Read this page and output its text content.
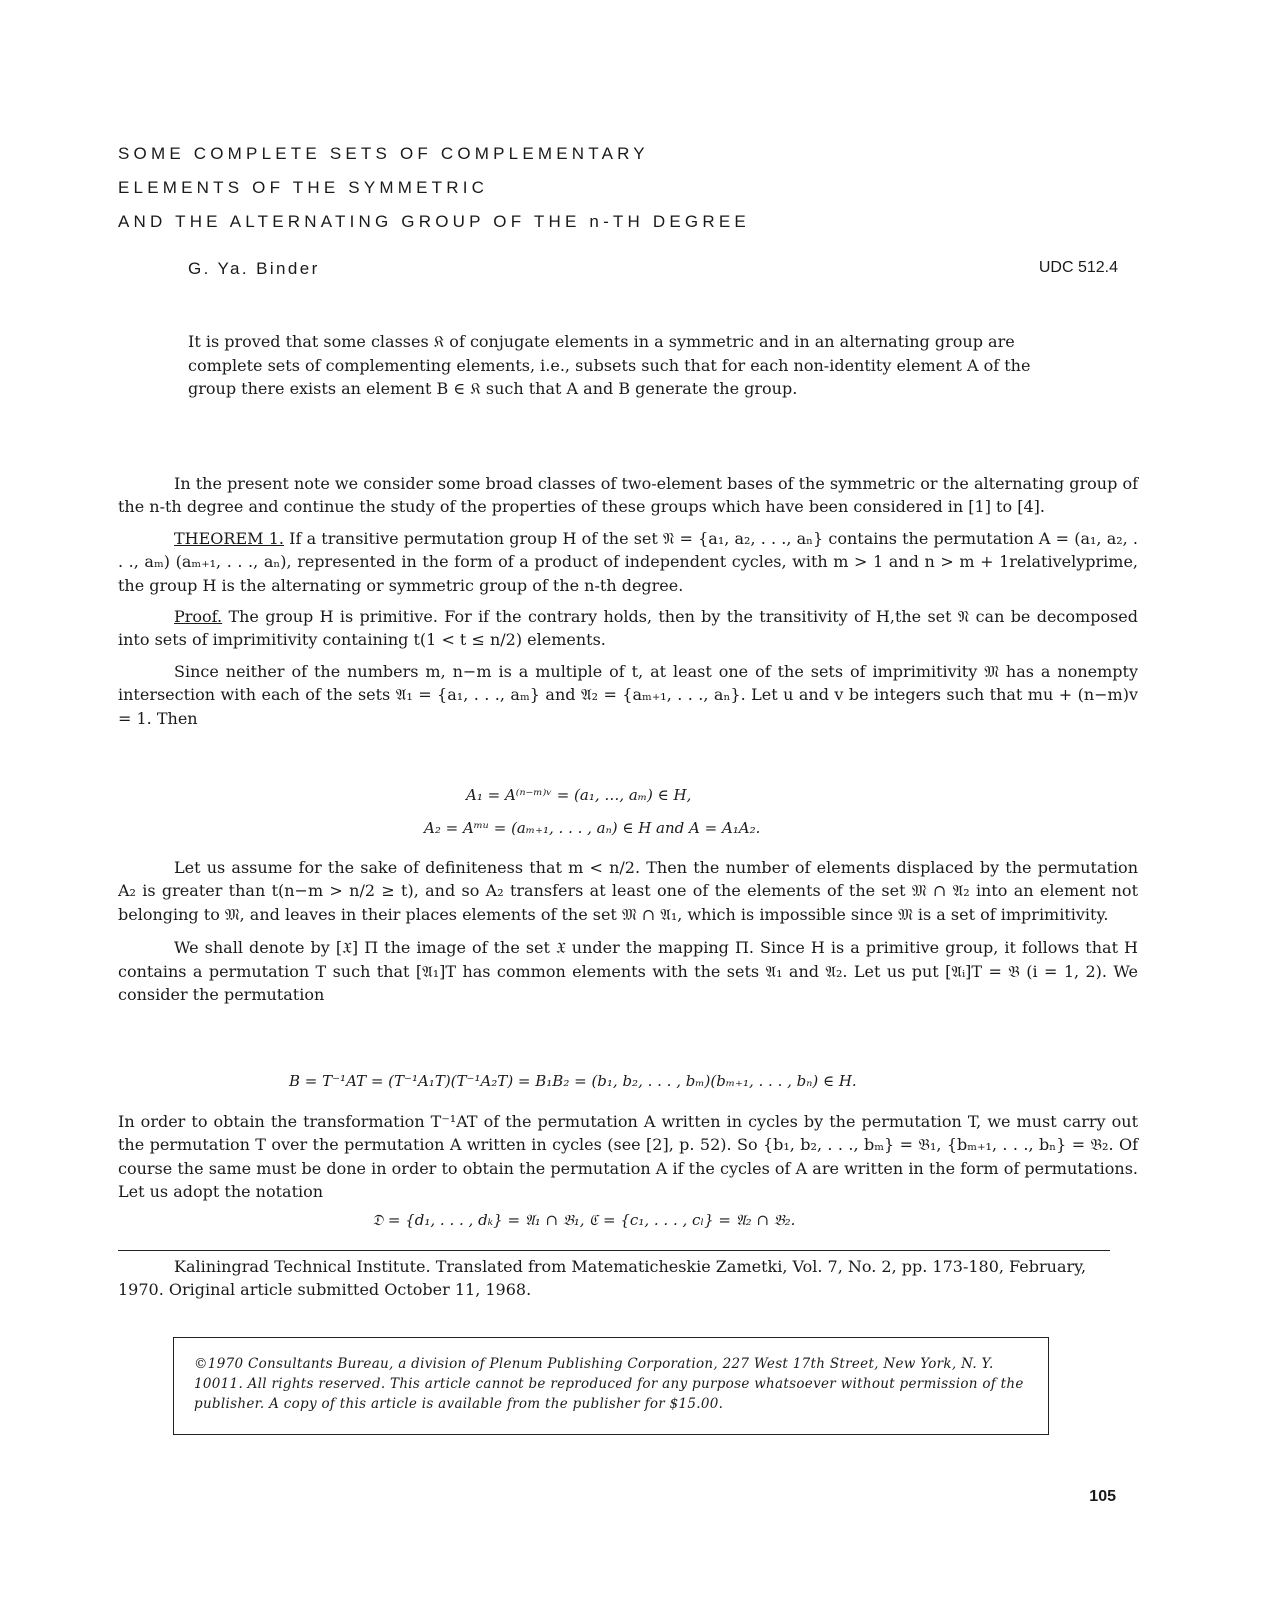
SOME COMPLETE SETS OF COMPLEMENTARY
ELEMENTS OF THE SYMMETRIC
AND THE ALTERNATING GROUP OF THE n-TH DEGREE
G. Ya. Binder	UDC 512.4
It is proved that some classes 𝔎 of conjugate elements in a symmetric and in an alternating group are complete sets of complementing elements, i.e., subsets such that for each non-identity element A of the group there exists an element B ∈ 𝔎 such that A and B generate the group.

In the present note we consider some broad classes of two-element bases of the symmetric or the alternating group of the n-th degree and continue the study of the properties of these groups which have been considered in [1] to [4].

THEOREM 1. If a transitive permutation group H of the set 𝔑 = {a₁, a₂, . . ., aₙ} contains the permutation A = (a₁, a₂, . . ., aₘ) (aₘ₊₁, . . ., aₙ), represented in the form of a product of independent cycles, with m > 1 and n > m + 1relativelyprime, the group H is the alternating or symmetric group of the n-th degree.

Proof. The group H is primitive. For if the contrary holds, then by the transitivity of H,the set 𝔑 can be decomposed into sets of imprimitivity containing t(1 < t ≤ n/2) elements.

Since neither of the numbers m, n−m is a multiple of t, at least one of the sets of imprimitivity 𝔐 has a nonempty intersection with each of the sets 𝔄₁ = {a₁, . . ., aₘ} and 𝔄₂ = {aₘ₊₁, . . ., aₙ}. Let u and v be integers such that mu + (n−m)v = 1. Then

A₁ = A⁽ⁿ⁻ᵐ⁾ᵛ = (a₁, …, aₘ) ∈ H,
A₂ = Aᵐᵘ = (aₘ₊₁, . . . , aₙ) ∈ H and A = A₁A₂.

Let us assume for the sake of definiteness that m < n/2. Then the number of elements displaced by the permutation A₂ is greater than t(n−m > n/2 ≥ t), and so A₂ transfers at least one of the elements of the set 𝔐 ∩ 𝔄₂ into an element not belonging to 𝔐, and leaves in their places elements of the set 𝔐 ∩ 𝔄₁, which is impossible since 𝔐 is a set of imprimitivity.

We shall denote by [𝔛] Π the image of the set 𝔛 under the mapping Π. Since H is a primitive group, it follows that H contains a permutation T such that [𝔄₁]T has common elements with the sets 𝔄₁ and 𝔄₂. Let us put [𝔄ᵢ]T = 𝔅 (i = 1, 2). We consider the permutation

B = T⁻¹AT = (T⁻¹A₁T)(T⁻¹A₂T) = B₁B₂ = (b₁, b₂, . . . , bₘ)(bₘ₊₁, . . . , bₙ) ∈ H.

In order to obtain the transformation T⁻¹AT of the permutation A written in cycles by the permutation T, we must carry out the permutation T over the permutation A written in cycles (see [2], p. 52). So {b₁, b₂, . . ., bₘ} = 𝔅₁, {bₘ₊₁, . . ., bₙ} = 𝔅₂. Of course the same must be done in order to obtain the permutation A if the cycles of A are written in the form of permutations. Let us adopt the notation

𝔇 = {d₁, . . . , dₖ} = 𝔄₁ ∩ 𝔅₁, ℭ = {c₁, . . . , cₗ} = 𝔄₂ ∩ 𝔅₂.
Kaliningrad Technical Institute. Translated from Matematicheskie Zametki, Vol. 7, No. 2, pp. 173-180, February, 1970. Original article submitted October 11, 1968.
©1970 Consultants Bureau, a division of Plenum Publishing Corporation, 227 West 17th Street, New York, N. Y. 10011. All rights reserved. This article cannot be reproduced for any purpose whatsoever without permission of the publisher. A copy of this article is available from the publisher for $15.00.
105
